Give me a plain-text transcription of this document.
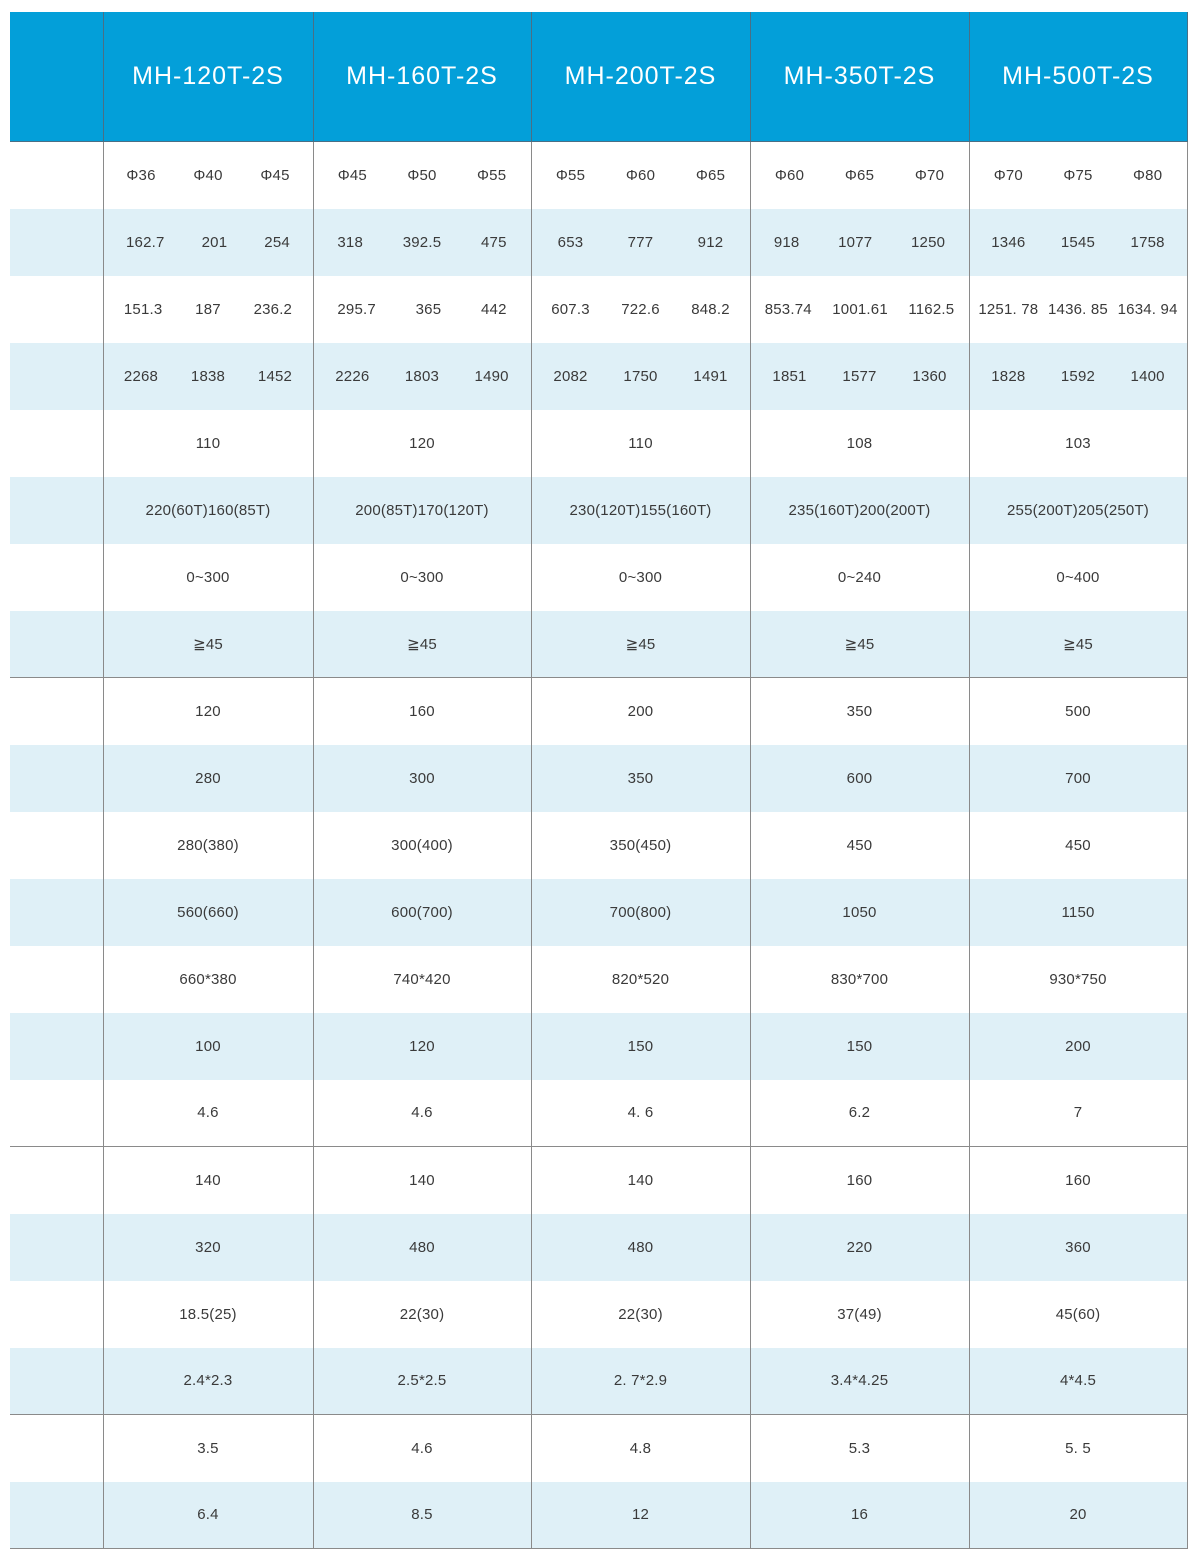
	MH-120T-2S	MH-160T-2S	MH-200T-2S	MH-350T-2S	MH-500T-2S

	Φ36 Φ40 Φ45	Φ45 Φ50 Φ55	Φ55 Φ60 Φ65	Φ60 Φ65 Φ70	Φ70 Φ75 Φ80

	162.7 201 254	318 392.5 475	653 777 912	918 1077 1250	1346 1545 1758

	151.3 187 236.2	295.7 365 442	607.3 722.6 848.2	853.74 1001.61 1162.5	1251. 78 1436. 85 1634. 94

	2268 1838 1452	2226 1803 1490	2082 1750 1491	1851 1577 1360	1828 1592 1400

	110	120	110	108	103
	220(60T)160(85T)	200(85T)170(120T)	230(120T)155(160T)	235(160T)200(200T)	255(200T)205(250T)
	0~300	0~300	0~300	0~240	0~400
	≧45	≧45	≧45	≧45	≧45
	120	160	200	350	500
	280	300	350	600	700
	280(380)	300(400)	350(450)	450	450
	560(660)	600(700)	700(800)	1050	1150
	660*380	740*420	820*520	830*700	930*750
	100	120	150	150	200
	4.6	4.6	4. 6	6.2	7
	140	140	140	160	160
	320	480	480	220	360
	18.5(25)	22(30)	22(30)	37(49)	45(60)
	2.4*2.3	2.5*2.5	2. 7*2.9	3.4*4.25	4*4.5
	3.5	4.6	4.8	5.3	5. 5
	6.4	8.5	12	16	20
